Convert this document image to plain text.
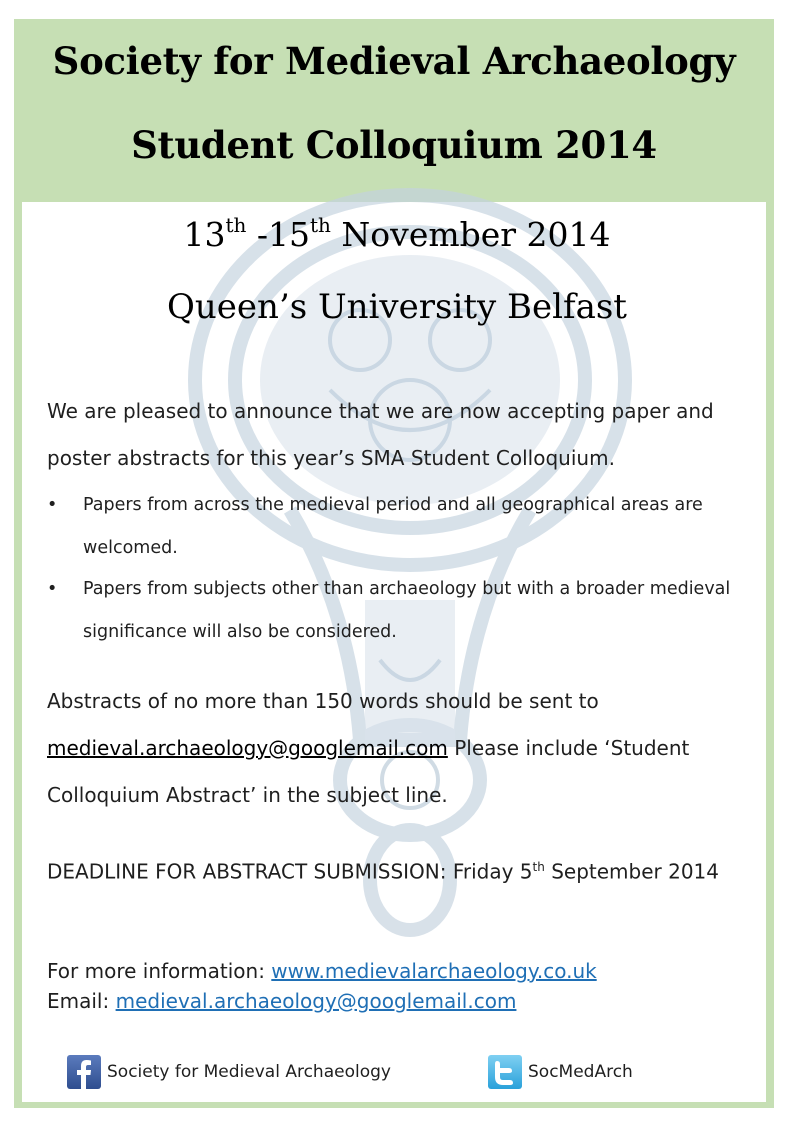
Society for Medieval Archaeology
Student Colloquium 2014
13th -15th November 2014
Queen’s University Belfast
We are pleased to announce that we are now accepting paper and poster abstracts for this year’s SMA Student Colloquium.
• Papers from across the medieval period and all geographical areas are welcomed.
• Papers from subjects other than archaeology but with a broader medieval significance will also be considered.
Abstracts of no more than 150 words should be sent to medieval.archaeology@googlemail.com Please include ‘Student Colloquium Abstract’ in the subject line.
DEADLINE FOR ABSTRACT SUBMISSION: Friday 5th September 2014
For more information: www.medievalarchaeology.co.uk
Email: medieval.archaeology@googlemail.com
Society for Medieval Archaeology	SocMedArch
